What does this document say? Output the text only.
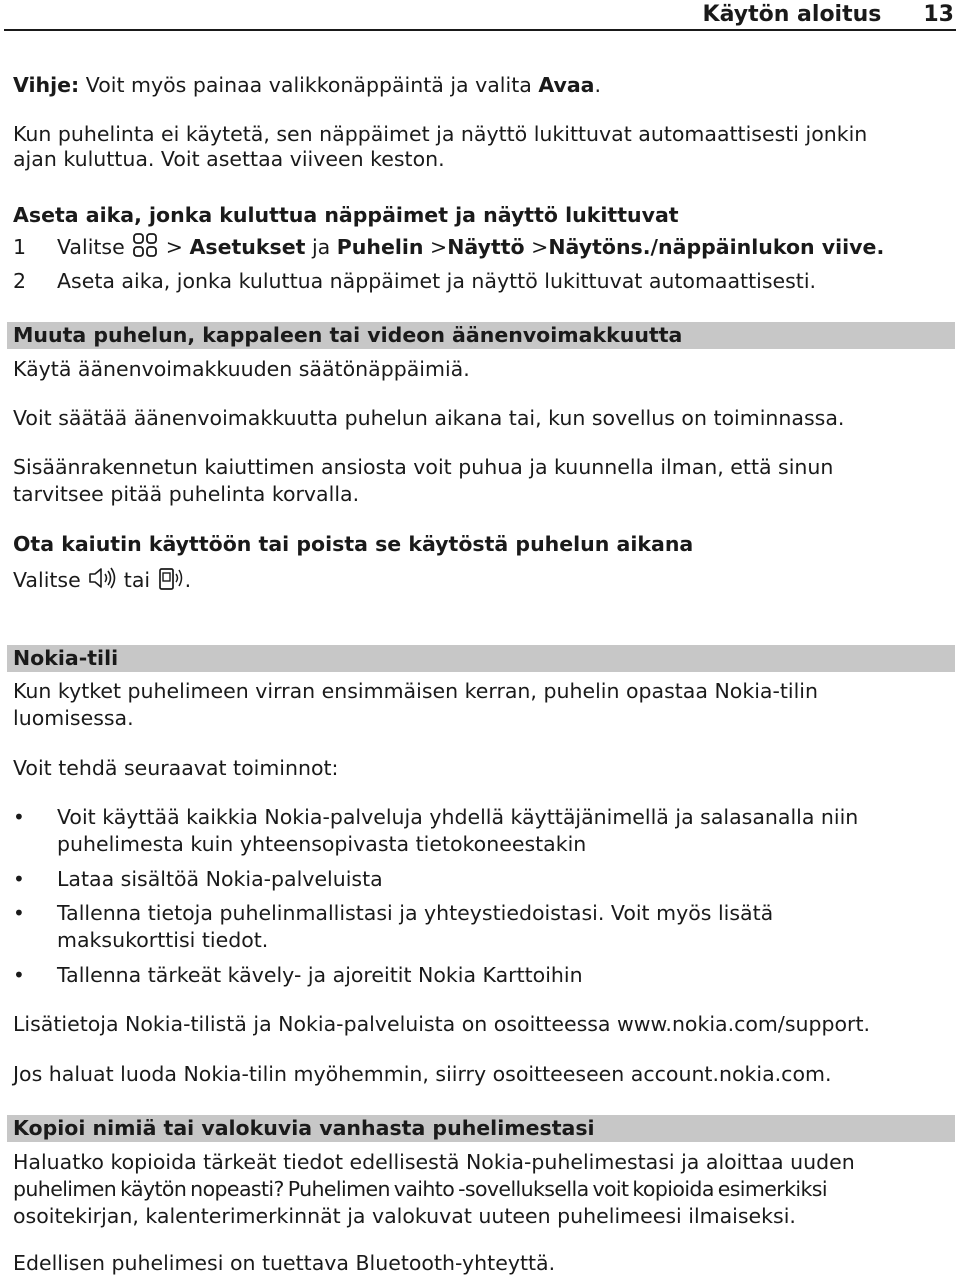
Käytön aloitus 13
Vihje: Voit myös painaa valikkonäppäintä ja valita Avaa.
Kun puhelinta ei käytetä, sen näppäimet ja näyttö lukittuvat automaattisesti jonkin
ajan kuluttua. Voit asettaa viiveen keston.
Aseta aika, jonka kuluttua näppäimet ja näyttö lukittuvat
1 Valitse > Asetukset ja Puhelin >Näyttö >Näytöns./näppäinlukon viive.
2 Aseta aika, jonka kuluttua näppäimet ja näyttö lukittuvat automaattisesti.
Muuta puhelun, kappaleen tai videon äänenvoimakkuutta
Käytä äänenvoimakkuuden säätönäppäimiä.
Voit säätää äänenvoimakkuutta puhelun aikana tai, kun sovellus on toiminnassa.
Sisäänrakennetun kaiuttimen ansiosta voit puhua ja kuunnella ilman, että sinun
tarvitsee pitää puhelinta korvalla.
Ota kaiutin käyttöön tai poista se käytöstä puhelun aikana
Valitse tai .
Nokia-tili
Kun kytket puhelimeen virran ensimmäisen kerran, puhelin opastaa Nokia-tilin
luomisessa.
Voit tehdä seuraavat toiminnot:
• Voit käyttää kaikkia Nokia-palveluja yhdellä käyttäjänimellä ja salasanalla niin
puhelimesta kuin yhteensopivasta tietokoneestakin
• Lataa sisältöä Nokia-palveluista
• Tallenna tietoja puhelinmallistasi ja yhteystiedoistasi. Voit myös lisätä
maksukorttisi tiedot.
• Tallenna tärkeät kävely- ja ajoreitit Nokia Karttoihin
Lisätietoja Nokia-tilistä ja Nokia-palveluista on osoitteessa www.nokia.com/support.
Jos haluat luoda Nokia-tilin myöhemmin, siirry osoitteeseen account.nokia.com.
Kopioi nimiä tai valokuvia vanhasta puhelimestasi
Haluatko kopioida tärkeät tiedot edellisestä Nokia-puhelimestasi ja aloittaa uuden
puhelimen käytön nopeasti? Puhelimen vaihto -sovelluksella voit kopioida esimerkiksi
osoitekirjan, kalenterimerkinnät ja valokuvat uuteen puhelimeesi ilmaiseksi.
Edellisen puhelimesi on tuettava Bluetooth-yhteyttä.
